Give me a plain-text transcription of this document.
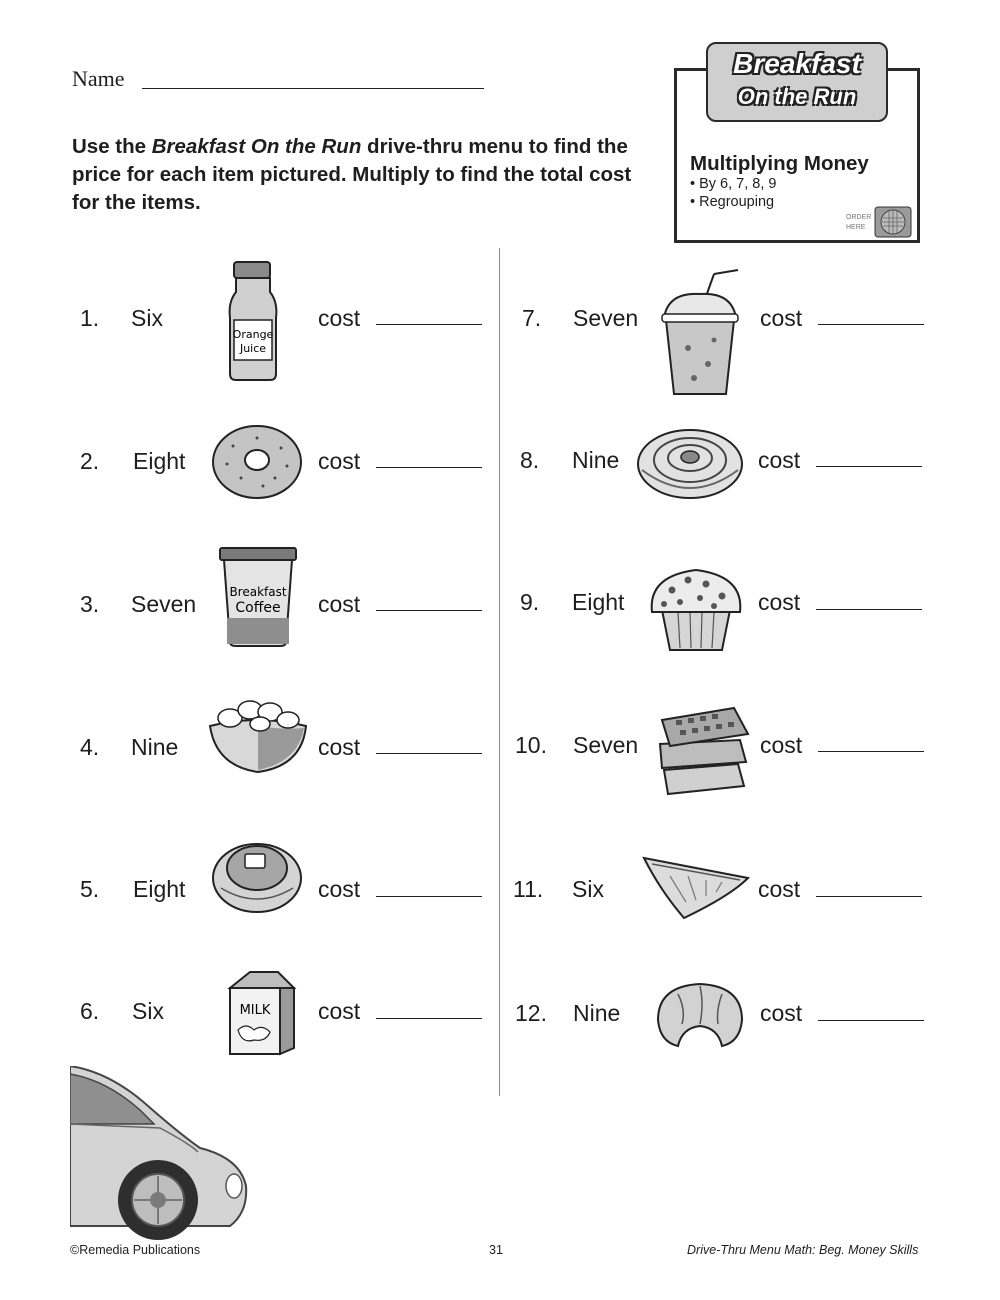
Name
Use the Breakfast On the Run drive-thru menu to find the price for each item pictured. Multiply to find the total cost for the items.
Breakfast
On the Run
Multiplying Money
• By 6, 7, 8, 9
• Regrouping
ORDER
HERE
1. Six
Orange
Juice
cost
2. Eight	cost
3. Seven	Breakfast
Coffee cost
4. Nine	cost
5. Eight	cost
6. Six	MILK cost
7. Seven	cost
8. Nine	cost
9. Eight	cost
10. Seven	cost
11. Six	cost
12. Nine	cost
©Remedia Publications	31	Drive-Thru Menu Math: Beg. Money Skills
